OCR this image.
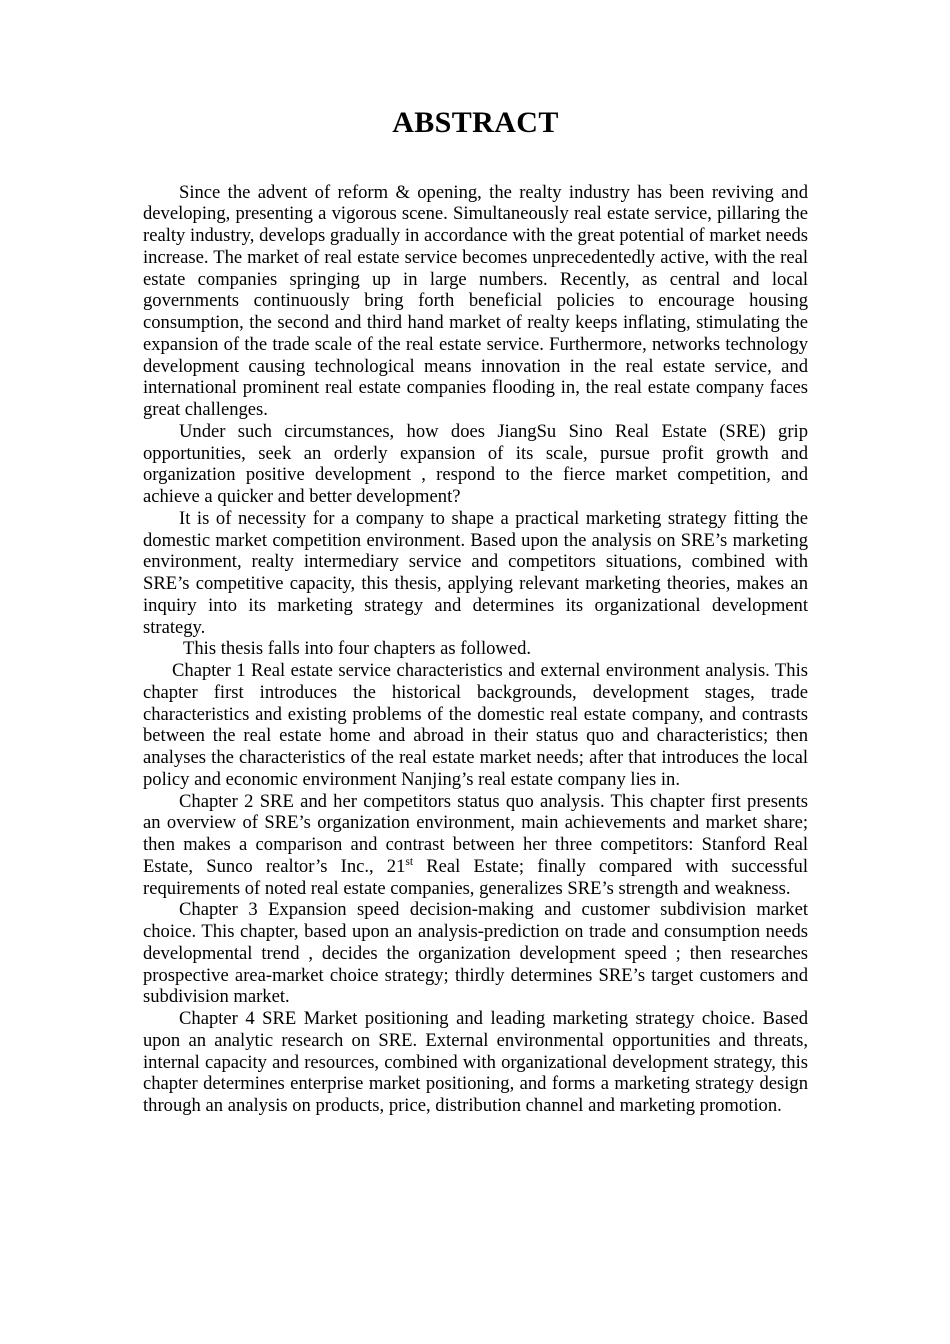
ABSTRACT

Since the advent of reform & opening, the realty industry has been reviving and developing, presenting a vigorous scene. Simultaneously real estate service, pillaring the realty industry, develops gradually in accordance with the great potential of market needs increase. The market of real estate service becomes unprecedentedly active, with the real estate companies springing up in large numbers. Recently, as central and local governments continuously bring forth beneficial policies to encourage housing consumption, the second and third hand market of realty keeps inflating, stimulating the expansion of the trade scale of the real estate service. Furthermore, networks technology development causing technological means innovation in the real estate service, and international prominent real estate companies flooding in, the real estate company faces great challenges.

Under such circumstances, how does JiangSu Sino Real Estate (SRE) grip opportunities, seek an orderly expansion of its scale, pursue profit growth and organization positive development , respond to the fierce market competition, and achieve a quicker and better development?

It is of necessity for a company to shape a practical marketing strategy fitting the domestic market competition environment. Based upon the analysis on SRE’s marketing environment, realty intermediary service and competitors situations, combined with SRE’s competitive capacity, this thesis, applying relevant marketing theories, makes an inquiry into its marketing strategy and determines its organizational development strategy.

This thesis falls into four chapters as followed.

Chapter 1 Real estate service characteristics and external environment analysis. This chapter first introduces the historical backgrounds, development stages, trade characteristics and existing problems of the domestic real estate company, and contrasts between the real estate home and abroad in their status quo and characteristics; then analyses the characteristics of the real estate market needs; after that introduces the local policy and economic environment Nanjing’s real estate company lies in.

Chapter 2 SRE and her competitors status quo analysis. This chapter first presents an overview of SRE’s organization environment, main achievements and market share; then makes a comparison and contrast between her three competitors: Stanford Real Estate, Sunco realtor’s Inc., 21st Real Estate; finally compared with successful requirements of noted real estate companies, generalizes SRE’s strength and weakness.

Chapter 3 Expansion speed decision-making and customer subdivision market choice. This chapter, based upon an analysis-prediction on trade and consumption needs developmental trend , decides the organization development speed ; then researches prospective area-market choice strategy; thirdly determines SRE’s target customers and subdivision market.

Chapter 4 SRE Market positioning and leading marketing strategy choice. Based upon an analytic research on SRE. External environmental opportunities and threats, internal capacity and resources, combined with organizational development strategy, this chapter determines enterprise market positioning, and forms a marketing strategy design through an analysis on products, price, distribution channel and marketing promotion.
